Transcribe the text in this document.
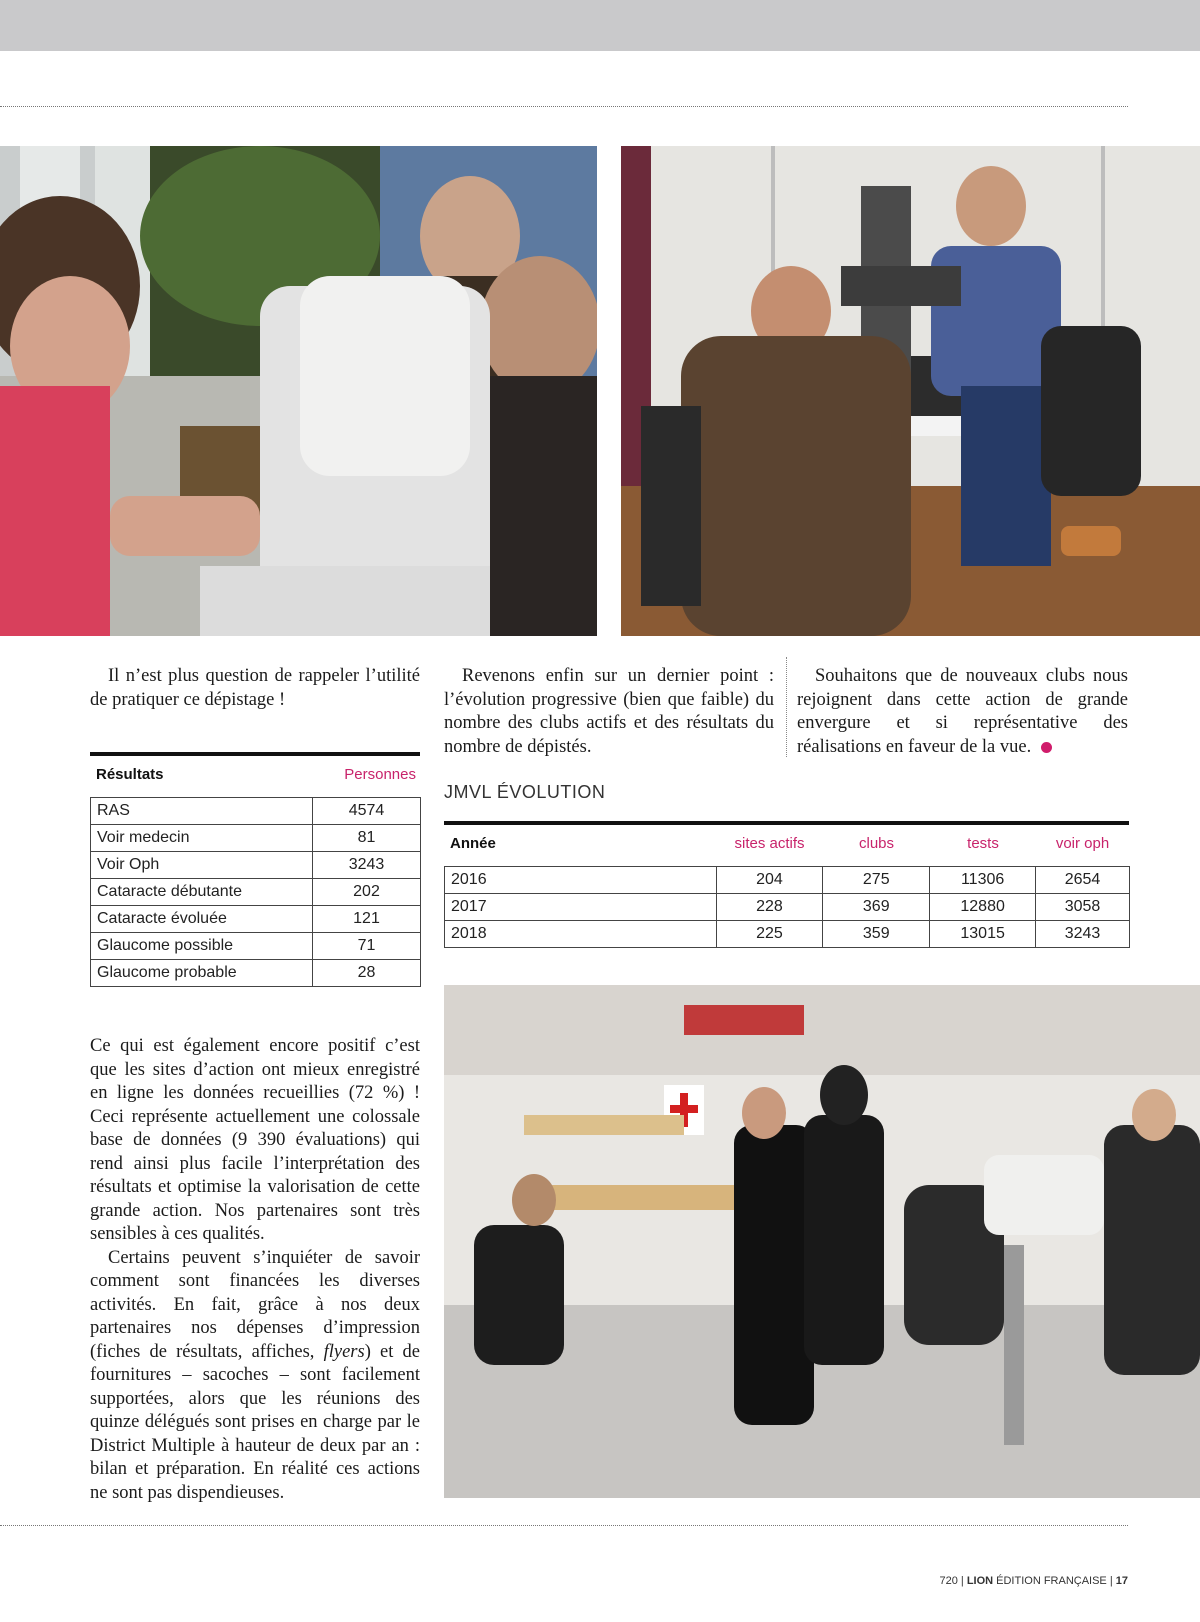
Il n’est plus question de rappeler l’utilité de pratiquer ce dépistage !

Résultats	Personnes
RAS	4574
Voir medecin	81
Voir Oph	3243
Cataracte débutante	202
Cataracte évoluée	121
Glaucome possible	71
Glaucome probable	28

Ce qui est également encore positif c’est que les sites d’action ont mieux enregistré en ligne les données recueillies (72 %) ! Ceci représente actuellement une colossale base de données (9 390 évaluations) qui rend ainsi plus facile l’interprétation des résultats et optimise la valorisation de cette grande action. Nos partenaires sont très sensibles à ces qualités.

Certains peuvent s’inquiéter de savoir comment sont financées les diverses activités. En fait, grâce à nos deux partenaires nos dépenses d’impression (fiches de résultats, affiches, flyers) et de fournitures – sacoches – sont facilement supportées, alors que les réunions des quinze délégués sont prises en charge par le District Multiple à hauteur de deux par an : bilan et préparation. En réalité ces actions ne sont pas dispendieuses.

Revenons enfin sur un dernier point : l’évolution progressive (bien que faible) du nombre des clubs actifs et des résultats du nombre de dépistés.

Souhaitons que de nouveaux clubs nous rejoignent dans cette action de grande envergure et si représentative des réalisations en faveur de la vue.

JMVL ÉVOLUTION
Année	sites actifs	clubs	tests	voir oph
2016	204	275	11306	2654
2017	228	369	12880	3058
2018	225	359	13015	3243
720 | LION ÉDITION FRANÇAISE | 17
